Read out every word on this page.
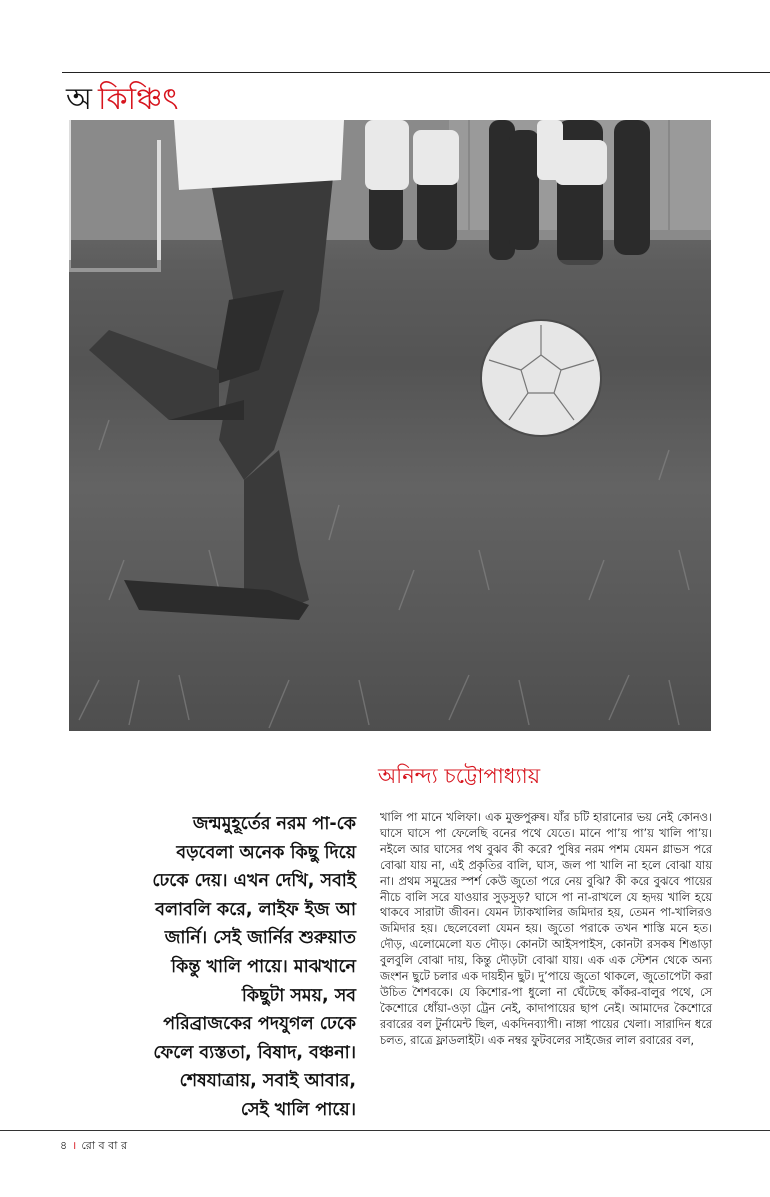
অ কিঞ্চিৎ
অনিন্দ্য চট্টোপাধ্যায়
জন্মমুহূর্তের নরম পা-কে বড়বেলা অনেক কিছু দিয়ে ঢেকে দেয়। এখন দেখি, সবাই বলাবলি করে, লাইফ ইজ আ জার্নি। সেই জার্নির শুরুয়াত কিন্তু খালি পায়ে। মাঝখানে কিছুটা সময়, সব পরিব্রাজকের পদযুগল ঢেকে ফেলে ব্যস্ততা, বিষাদ, বঞ্চনা। শেষযাত্রায়, সবাই আবার, সেই খালি পায়ে।
খালি পা মানে খলিফা। এক মুক্তপুরুষ। যাঁর চটি হারানোর ভয় নেই কোনও। ঘাসে ঘাসে পা ফেলেছি বনের পথে যেতে। মানে পা’য় পা’য় খালি পা’য়। নইলে আর ঘাসের পথ বুঝব কী করে? পুষির নরম পশম যেমন গ্লাভস পরে বোঝা যায় না, এই প্রকৃতির বালি, ঘাস, জল পা খালি না হলে বোঝা যায় না। প্রথম সমুদ্রের স্পর্শ কেউ জুতো পরে নেয় বুঝি? কী করে বুঝবে পায়ের নীচে বালি সরে যাওয়ার সুড়সুড়? ঘাসে পা না-রাখলে যে হৃদয় খালি হয়ে থাকবে সারাটা জীবন। যেমন ট্যাকখালির জমিদার হয়, তেমন পা-খালিরও জমিদার হয়। ছেলেবেলা যেমন হয়। জুতো পরাকে তখন শাস্তি মনে হত। দৌড়, এলোমেলো যত দৌড়। কোনটা আইসপাইস, কোনটা রসকষ শিঙাড়া বুলবুলি বোঝা দায়, কিন্তু দৌড়টা বোঝা যায়। এক এক স্টেশন থেকে অন্য জংশন ছুটে চলার এক দায়হীন ছুট। দু’পায়ে জুতো থাকলে, জুতোপেটা করা উচিত শৈশবকে। যে কিশোর-পা ধুলো না ঘেঁটেছে কাঁকর-বালুর পথে, সে কৈশোরে ধোঁয়া-ওড়া ট্রেন নেই, কাদাপায়ের ছাপ নেই। আমাদের কৈশোরে রবারের বল টুর্নামেন্ট ছিল, একদিনব্যাপী। নাঙ্গা পায়ের খেলা। সারাদিন ধরে চলত, রাত্রে ফ্লাডলাইট। এক নম্বর ফুটবলের সাইজের লাল রবারের বল,
৪ । রো ব বা র
